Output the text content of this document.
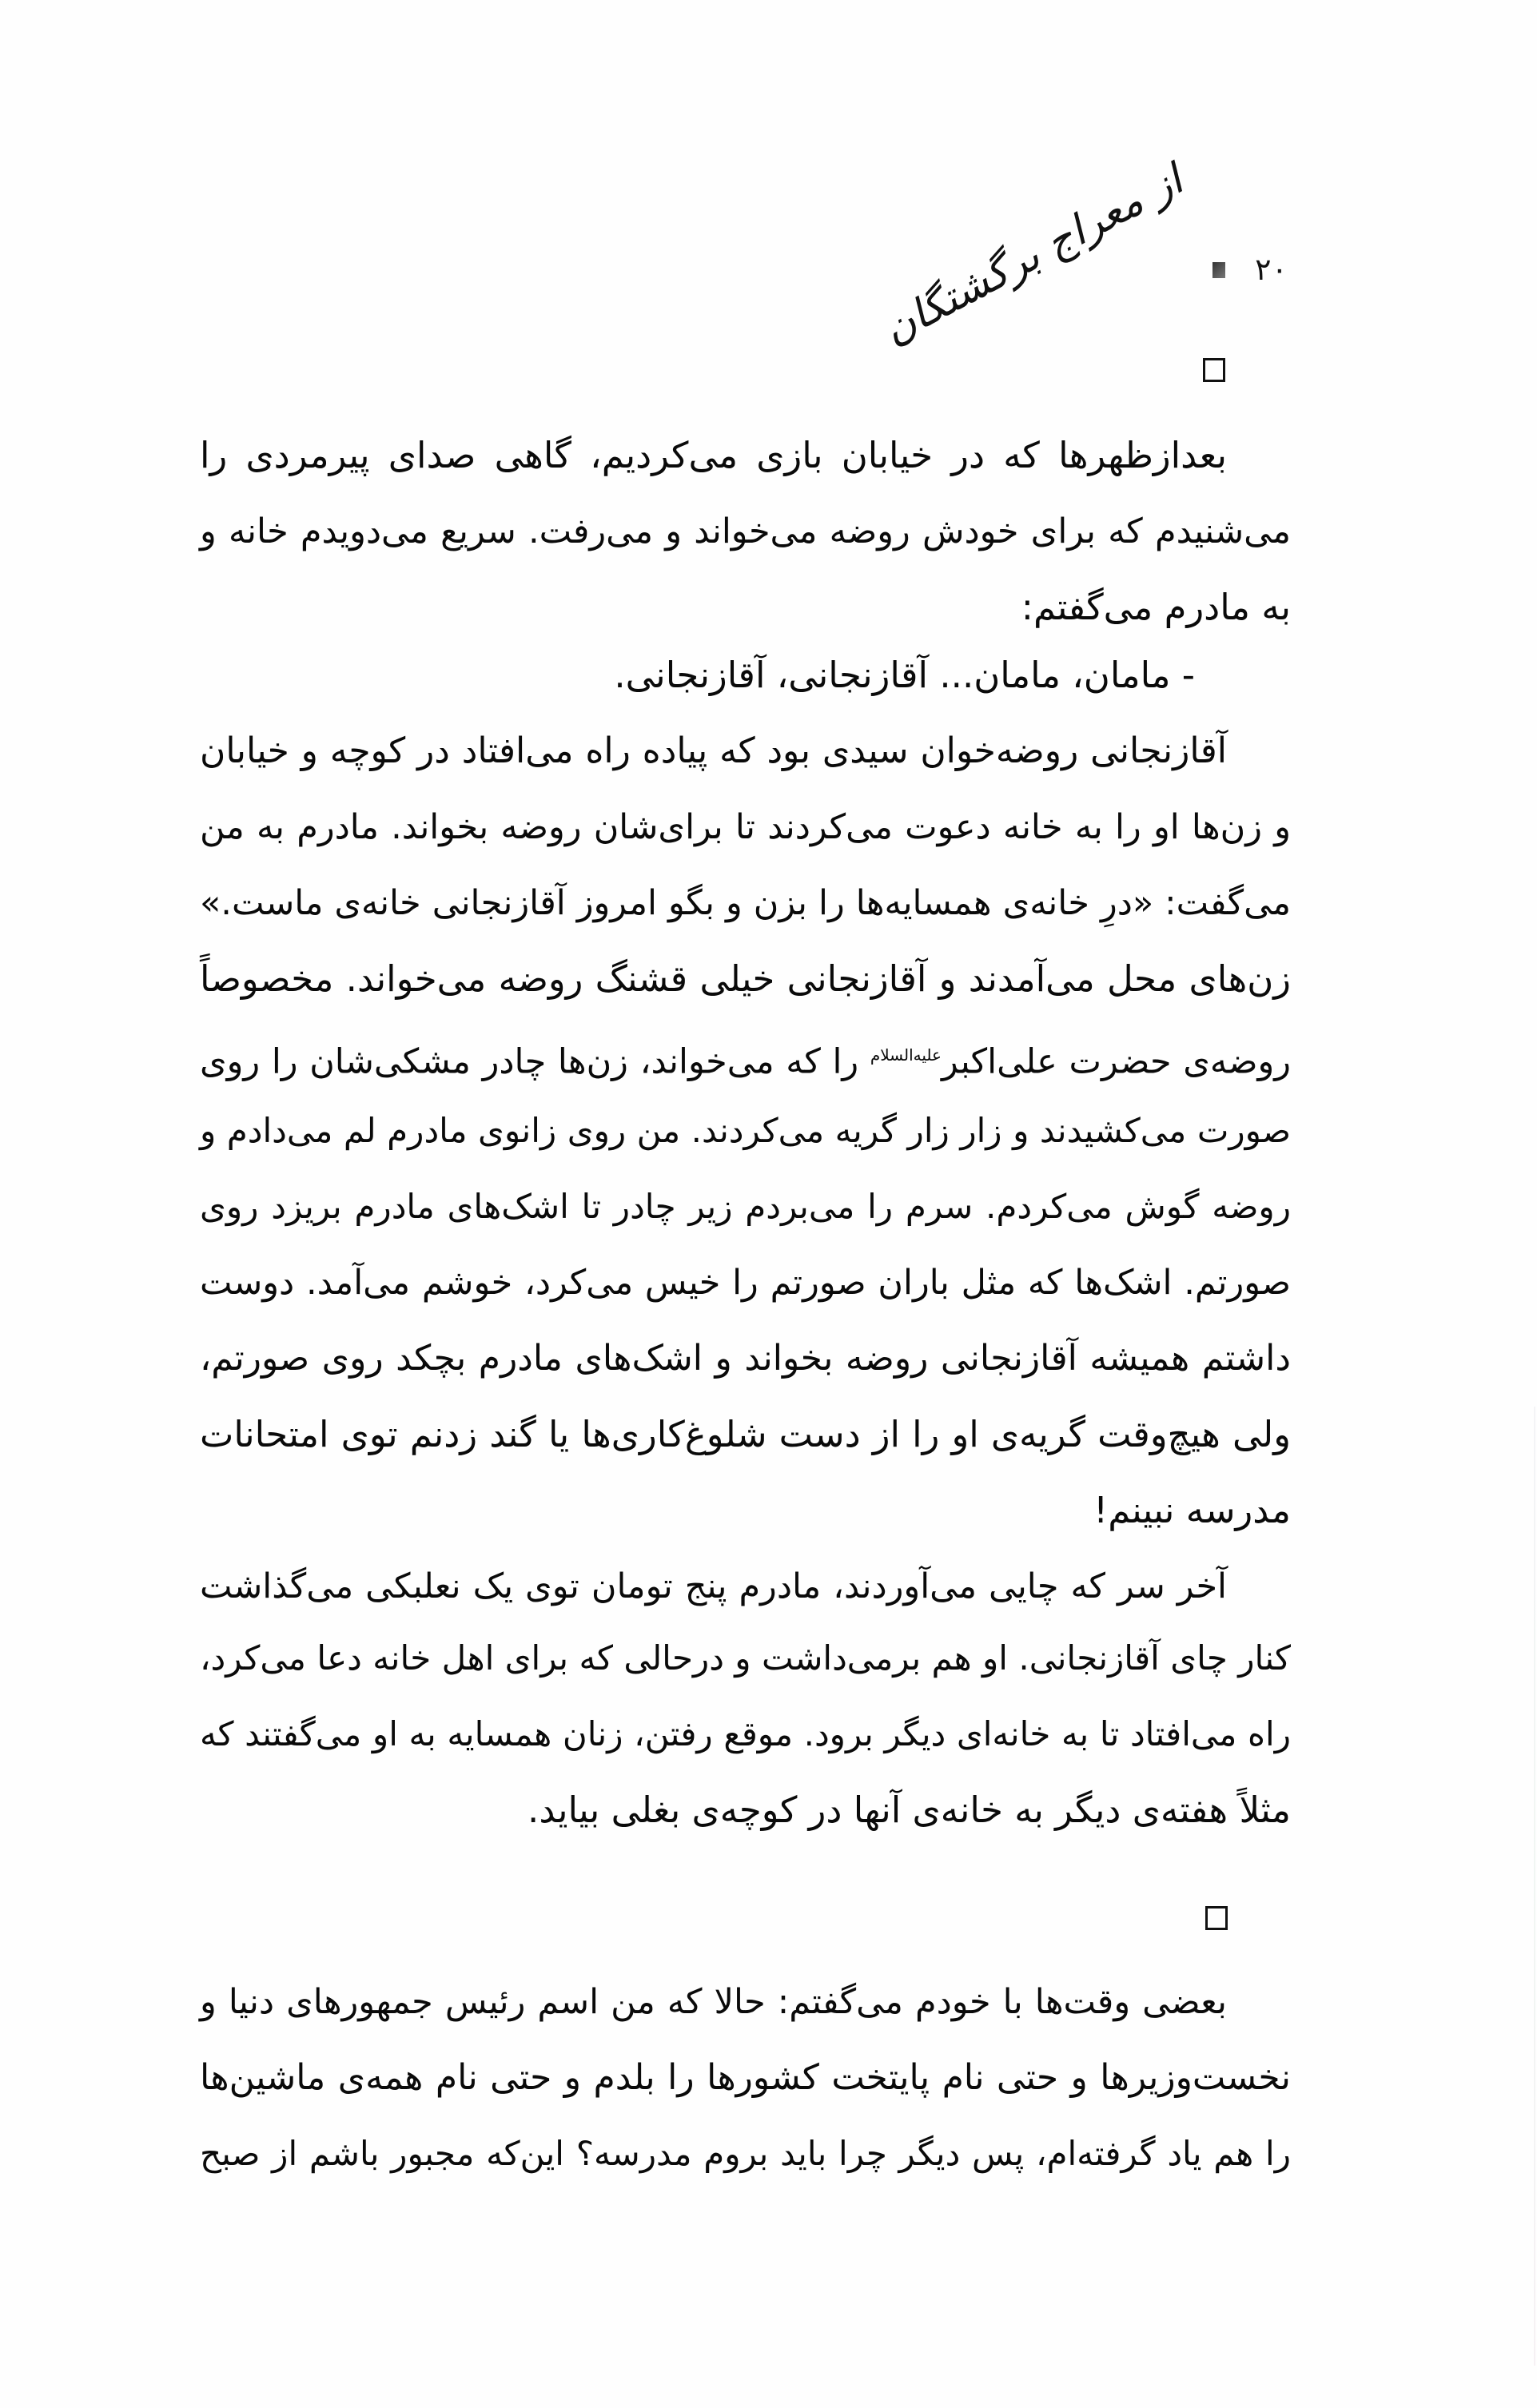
۲۰
از معراج برگشتگان
بعدازظهرها که در خیابان بازی می‌کردیم، گاهی صدای پیرمردی را
می‌شنیدم که برای خودش روضه می‌خواند و می‌رفت. سریع می‌دویدم خانه و
به مادرم می‌گفتم:
- مامان، مامان... آقازنجانی، آقازنجانی.
آقازنجانی روضه‌خوان سیدی بود که پیاده راه می‌افتاد در کوچه و خیابان
و زن‌ها او را به خانه دعوت می‌کردند تا برای‌شان روضه بخواند. مادرم به من
می‌گفت: «درِ خانه‌ی همسایه‌ها را بزن و بگو امروز آقازنجانی خانه‌ی ماست.»
زن‌های محل می‌آمدند و آقازنجانی خیلی قشنگ روضه می‌خواند. مخصوصاً
روضه‌ی حضرت علی‌اکبر$^{علیه‌السلام}$ را که می‌خواند، زن‌ها چادر مشکی‌شان را روی
صورت می‌کشیدند و زار زار گریه می‌کردند. من روی زانوی مادرم لم می‌دادم و
روضه گوش می‌کردم. سرم را می‌بردم زیر چادر تا اشک‌های مادرم بریزد روی
صورتم. اشک‌ها که مثل باران صورتم را خیس می‌کرد، خوشم می‌آمد. دوست
داشتم همیشه آقازنجانی روضه بخواند و اشک‌های مادرم بچکد روی صورتم،
ولی هیچ‌وقت گریه‌ی او را از دست شلوغ‌کاری‌ها یا گند زدنم توی امتحانات
مدرسه نبینم!
آخر سر که چایی می‌آوردند، مادرم پنج تومان توی یک نعلبکی می‌گذاشت
کنار چای آقازنجانی. او هم برمی‌داشت و درحالی که برای اهل خانه دعا می‌کرد،
راه می‌افتاد تا به خانه‌ای دیگر برود. موقع رفتن، زنان همسایه به او می‌گفتند که
مثلاً هفته‌ی دیگر به خانه‌ی آنها در کوچه‌ی بغلی بیاید.
بعضی وقت‌ها با خودم می‌گفتم: حالا که من اسم رئیس جمهورهای دنیا و
نخست‌وزیرها و حتی نام پایتخت کشورها را بلدم و حتی نام همه‌ی ماشین‌ها
را هم یاد گرفته‌ام، پس دیگر چرا باید بروم مدرسه؟ این‌که مجبور باشم از صبح
